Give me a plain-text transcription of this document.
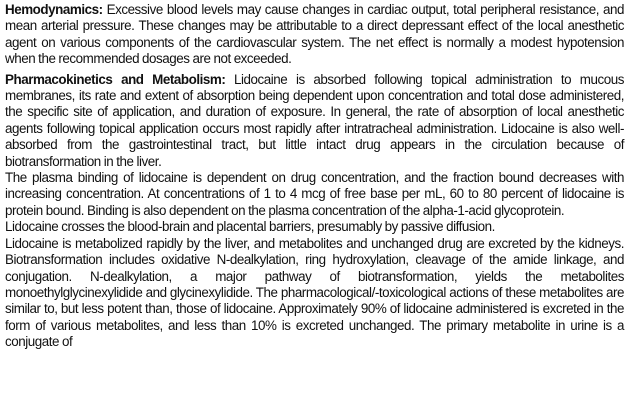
Hemodynamics: Excessive blood levels may cause changes in cardiac output, total peripheral resistance, and mean arterial pressure. These changes may be attributable to a direct depressant effect of the local anesthetic agent on various components of the cardiovascular system. The net effect is normally a modest hypotension when the recommended dosages are not exceeded.

Pharmacokinetics and Metabolism: Lidocaine is absorbed following topical administration to mucous membranes, its rate and extent of absorption being dependent upon concentration and total dose administered, the specific site of application, and duration of exposure. In general, the rate of absorption of local anesthetic agents following topical application occurs most rapidly after intratracheal administration. Lidocaine is also well-absorbed from the gastrointestinal tract, but little intact drug appears in the circulation because of biotransformation in the liver.

The plasma binding of lidocaine is dependent on drug concentration, and the fraction bound decreases with increasing concentration. At concentrations of 1 to 4 mcg of free base per mL, 60 to 80 percent of lidocaine is protein bound. Binding is also dependent on the plasma concentration of the alpha-1-acid glycoprotein.

Lidocaine crosses the blood-brain and placental barriers, presumably by passive diffusion.

Lidocaine is metabolized rapidly by the liver, and metabolites and unchanged drug are excreted by the kidneys. Biotransformation includes oxidative N-dealkylation, ring hydroxylation, cleavage of the amide linkage, and conjugation. N-dealkylation, a major pathway of biotransformation, yields the metabolites monoethylglycinexylidide and glycinexylidide. The pharmacological/-toxicological actions of these metabolites are similar to, but less potent than, those of lidocaine. Approximately 90% of lidocaine administered is excreted in the form of various metabolites, and less than 10% is excreted unchanged. The primary metabolite in urine is a conjugate of
